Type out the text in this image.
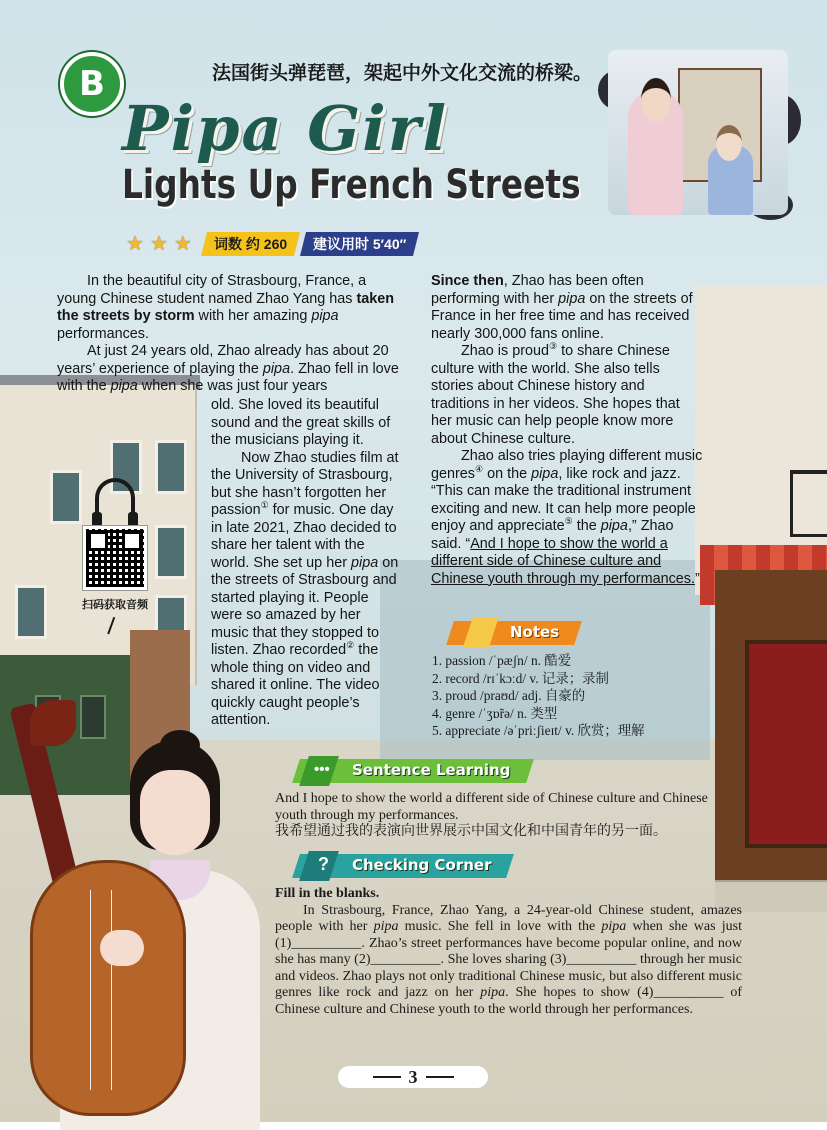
B	法国街头弹琵琶，架起中外文化交流的桥梁。
Pipa Girl
Lights Up French Streets
★ ★ ★	词数 约 260	建议用时 5′40″

In the beautiful city of Strasbourg, France, a young Chinese student named Zhao Yang has taken the streets by storm with her amazing pipa performances.

At just 24 years old, Zhao already has about 20 years’ experience of playing the pipa. Zhao fell in love with the pipa when she was just four years

old. She loved its beautiful sound and the great skills of the musicians playing it.

Now Zhao studies film at the University of Strasbourg, but she hasn’t forgotten her passion① for music. One day in late 2021, Zhao decided to share her talent with the world. She set up her pipa on the streets of Strasbourg and started playing it. People were so amazed by her music that they stopped to listen. Zhao recorded② the whole thing on video and shared it online. The video quickly caught people’s attention.

Since then, Zhao has been often performing with her pipa on the streets of France in her free time and has received nearly 300,000 fans online.

Zhao is proud③ to share Chinese culture with the world. She also tells stories about Chinese history and traditions in her videos. She hopes that her music can help people know more about Chinese culture.

Zhao also tries playing different music genres④ on the pipa, like rock and jazz. “This can make the traditional instrument exciting and new. It can help more people enjoy and appreciate⑤ the pipa,” Zhao said. “And I hope to show the world a different side of Chinese culture and Chinese youth through my performances.”

扫码获取音频
Notes
1. passion /ˈpæʃn/ n. 酷爱
2. record /rɪˈkɔːd/ v. 记录；录制
3. proud /praʊd/ adj. 自豪的
4. genre /ˈʒɒ̃rə/ n. 类型
5. appreciate /əˈpriːʃieɪt/ v. 欣赏；理解
••• Sentence Learning
And I hope to show the world a different side of Chinese culture and Chinese youth through my performances.
我希望通过我的表演向世界展示中国文化和中国青年的另一面。
? Checking Corner

Fill in the blanks.

In Strasbourg, France, Zhao Yang, a 24-year-old Chinese student, amazes people with her pipa music. She fell in love with the pipa when she was just (1)__________. Zhao’s street performances have become popular online, and now she has many (2)__________. She loves sharing (3)__________ through her music and videos. Zhao plays not only traditional Chinese music, but also different music genres like rock and jazz on her pipa. She hopes to show (4)__________ of Chinese culture and Chinese youth to the world through her performances.

3
